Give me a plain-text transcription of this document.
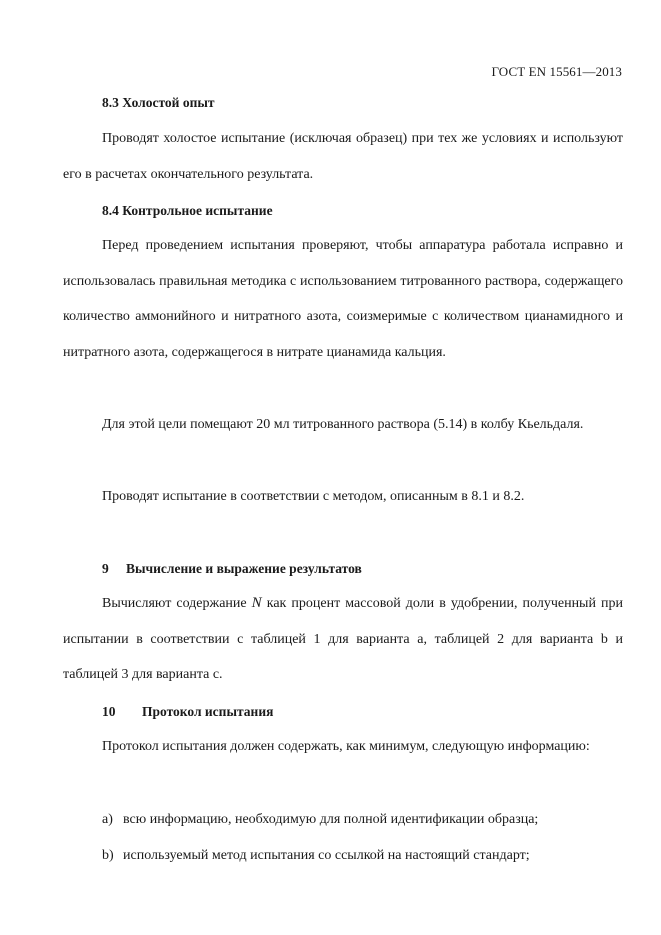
ГОСТ EN 15561—2013
8.3 Холостой опыт

Проводят холостое испытание (исключая образец) при тех же условиях и используют его в расчетах окончательного результата.

8.4 Контрольное испытание

Перед проведением испытания проверяют, чтобы аппаратура работала исправно и использовалась правильная методика с использованием титрованного раствора, содержащего количество аммонийного и нитратного азота, соизмеримые с количеством цианамидного и нитратного азота, содержащегося в нитрате цианамида кальция.

Для этой цели помещают 20 мл титрованного раствора (5.14) в колбу Кьельдаля.

Проводят испытание в соответствии с методом, описанным в 8.1 и 8.2.
9 Вычисление и выражение результатов

Вычисляют содержание N как процент массовой доли в удобрении, полученный при испытании в соответствии с таблицей 1 для варианта a, таблицей 2 для варианта b и таблицей 3 для варианта c.

10 Протокол испытания

Протокол испытания должен содержать, как минимум, следующую информацию:

а) всю информацию, необходимую для полной идентификации образца;
b) используемый метод испытания со ссылкой на настоящий стандарт;
